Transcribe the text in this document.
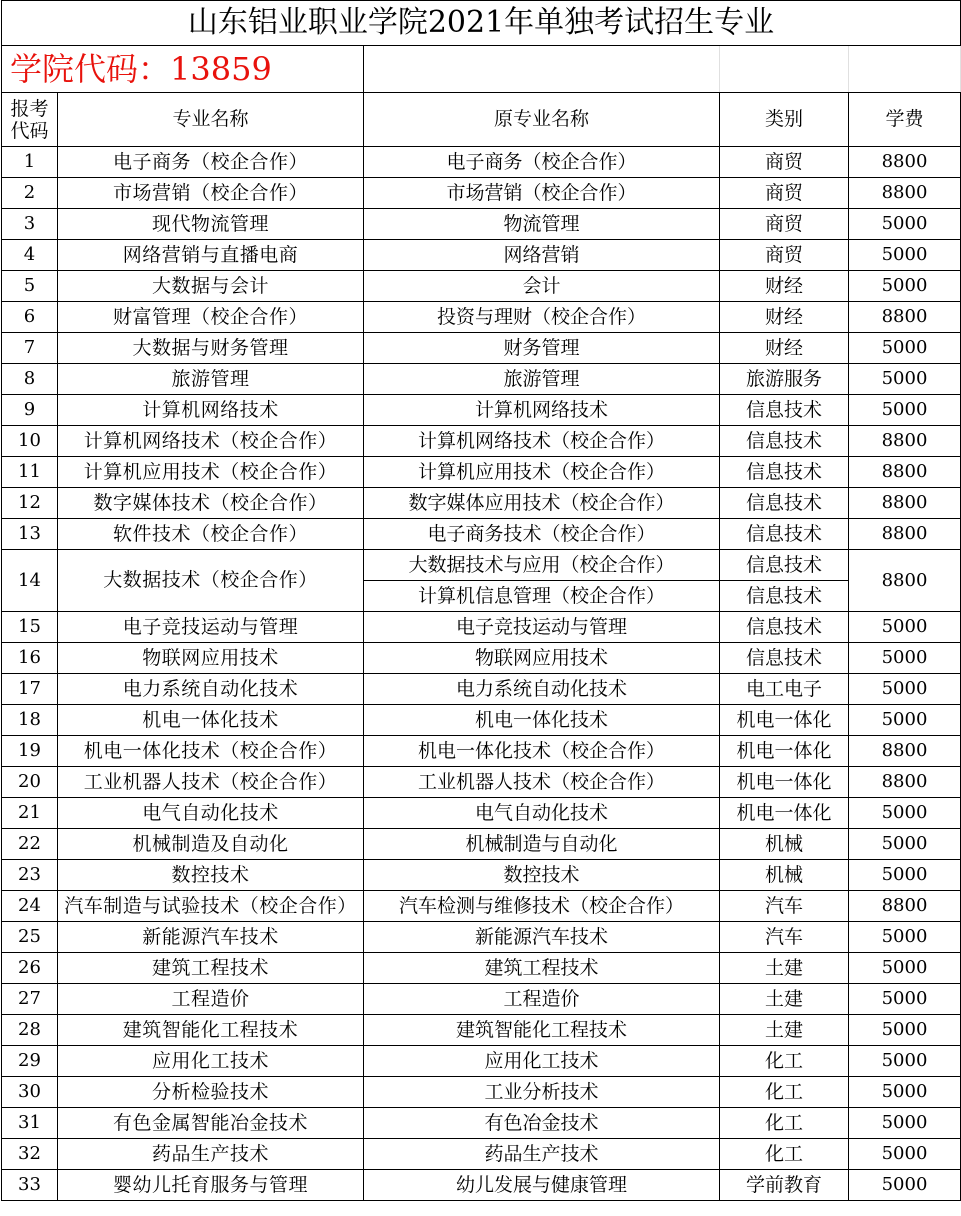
山东铝业职业学院2021年单独考试招生专业				
学院代码：13859				
报考代码	专业名称	原专业名称	类别	学费
1	电子商务（校企合作）	电子商务（校企合作）	商贸	8800
2	市场营销（校企合作）	市场营销（校企合作）	商贸	8800
3	现代物流管理	物流管理	商贸	5000
4	网络营销与直播电商	网络营销	商贸	5000
5	大数据与会计	会计	财经	5000
6	财富管理（校企合作）	投资与理财（校企合作）	财经	8800
7	大数据与财务管理	财务管理	财经	5000
8	旅游管理	旅游管理	旅游服务	5000
9	计算机网络技术	计算机网络技术	信息技术	5000
10	计算机网络技术（校企合作）	计算机网络技术（校企合作）	信息技术	8800
11	计算机应用技术（校企合作）	计算机应用技术（校企合作）	信息技术	8800
12	数字媒体技术（校企合作）	数字媒体应用技术（校企合作）	信息技术	8800
13	软件技术（校企合作）	电子商务技术（校企合作）	信息技术	8800
14	大数据技术（校企合作）	大数据技术与应用（校企合作）	信息技术	8800
		计算机信息管理（校企合作）	信息技术	
15	电子竞技运动与管理	电子竞技运动与管理	信息技术	5000
16	物联网应用技术	物联网应用技术	信息技术	5000
17	电力系统自动化技术	电力系统自动化技术	电工电子	5000
18	机电一体化技术	机电一体化技术	机电一体化	5000
19	机电一体化技术（校企合作）	机电一体化技术（校企合作）	机电一体化	8800
20	工业机器人技术（校企合作）	工业机器人技术（校企合作）	机电一体化	8800
21	电气自动化技术	电气自动化技术	机电一体化	5000
22	机械制造及自动化	机械制造与自动化	机械	5000
23	数控技术	数控技术	机械	5000
24	汽车制造与试验技术（校企合作）	汽车检测与维修技术（校企合作）	汽车	8800
25	新能源汽车技术	新能源汽车技术	汽车	5000
26	建筑工程技术	建筑工程技术	土建	5000
27	工程造价	工程造价	土建	5000
28	建筑智能化工程技术	建筑智能化工程技术	土建	5000
29	应用化工技术	应用化工技术	化工	5000
30	分析检验技术	工业分析技术	化工	5000
31	有色金属智能冶金技术	有色冶金技术	化工	5000
32	药品生产技术	药品生产技术	化工	5000
33	婴幼儿托育服务与管理	幼儿发展与健康管理	学前教育	5000
